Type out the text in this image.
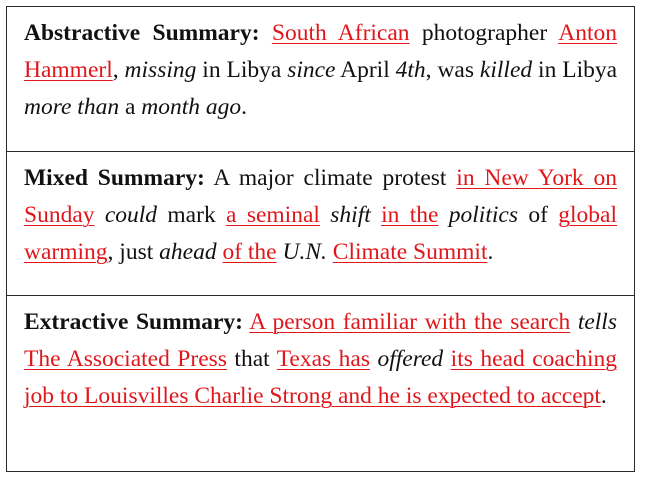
Abstractive Summary: South African photographer Anton Hammerl, missing in Libya since April 4th, was killed in Libya more than a month ago.
Mixed Summary: A major climate protest in New York on Sunday could mark a seminal shift in the politics of global warming, just ahead of the U.N. Climate Summit.
Extractive Summary: A person familiar with the search tells The Associated Press that Texas has offered its head coaching job to Louisvilles Charlie Strong and he is expected to accept.
